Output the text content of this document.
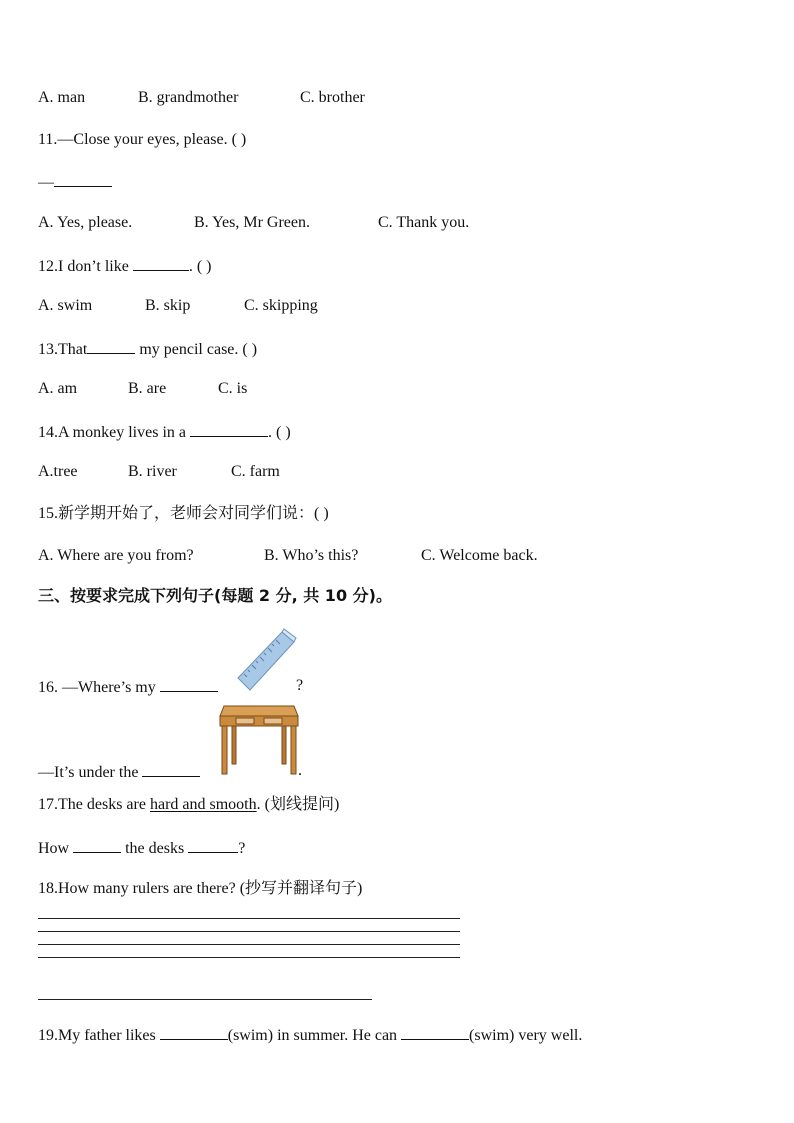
A. man	B. grandmother	C. brother
11.—Close your eyes, please. ( )
—
A. Yes, please.	B. Yes, Mr Green.	C. Thank you.
12.I don’t like	. ( )
A. swim	B. skip	C. skipping
13.That	my pencil case. ( )
A. am	B. are	C. is
14.A monkey lives in a	. ( )
A.tree	B. river	C. farm
15.新学期开始了，老师会对同学们说：( )
A. Where are you from?	B. Who’s this?	C. Welcome back.
三、按要求完成下列句子(每题 2 分, 共 10 分)。
16. —Where’s my	?
—It’s under the	.
17.The desks are hard and smooth. (划线提问)
How	the desks	?
18.How many rulers are there? (抄写并翻译句子)
19.My father likes	(swim) in summer. He can	(swim) very well.
